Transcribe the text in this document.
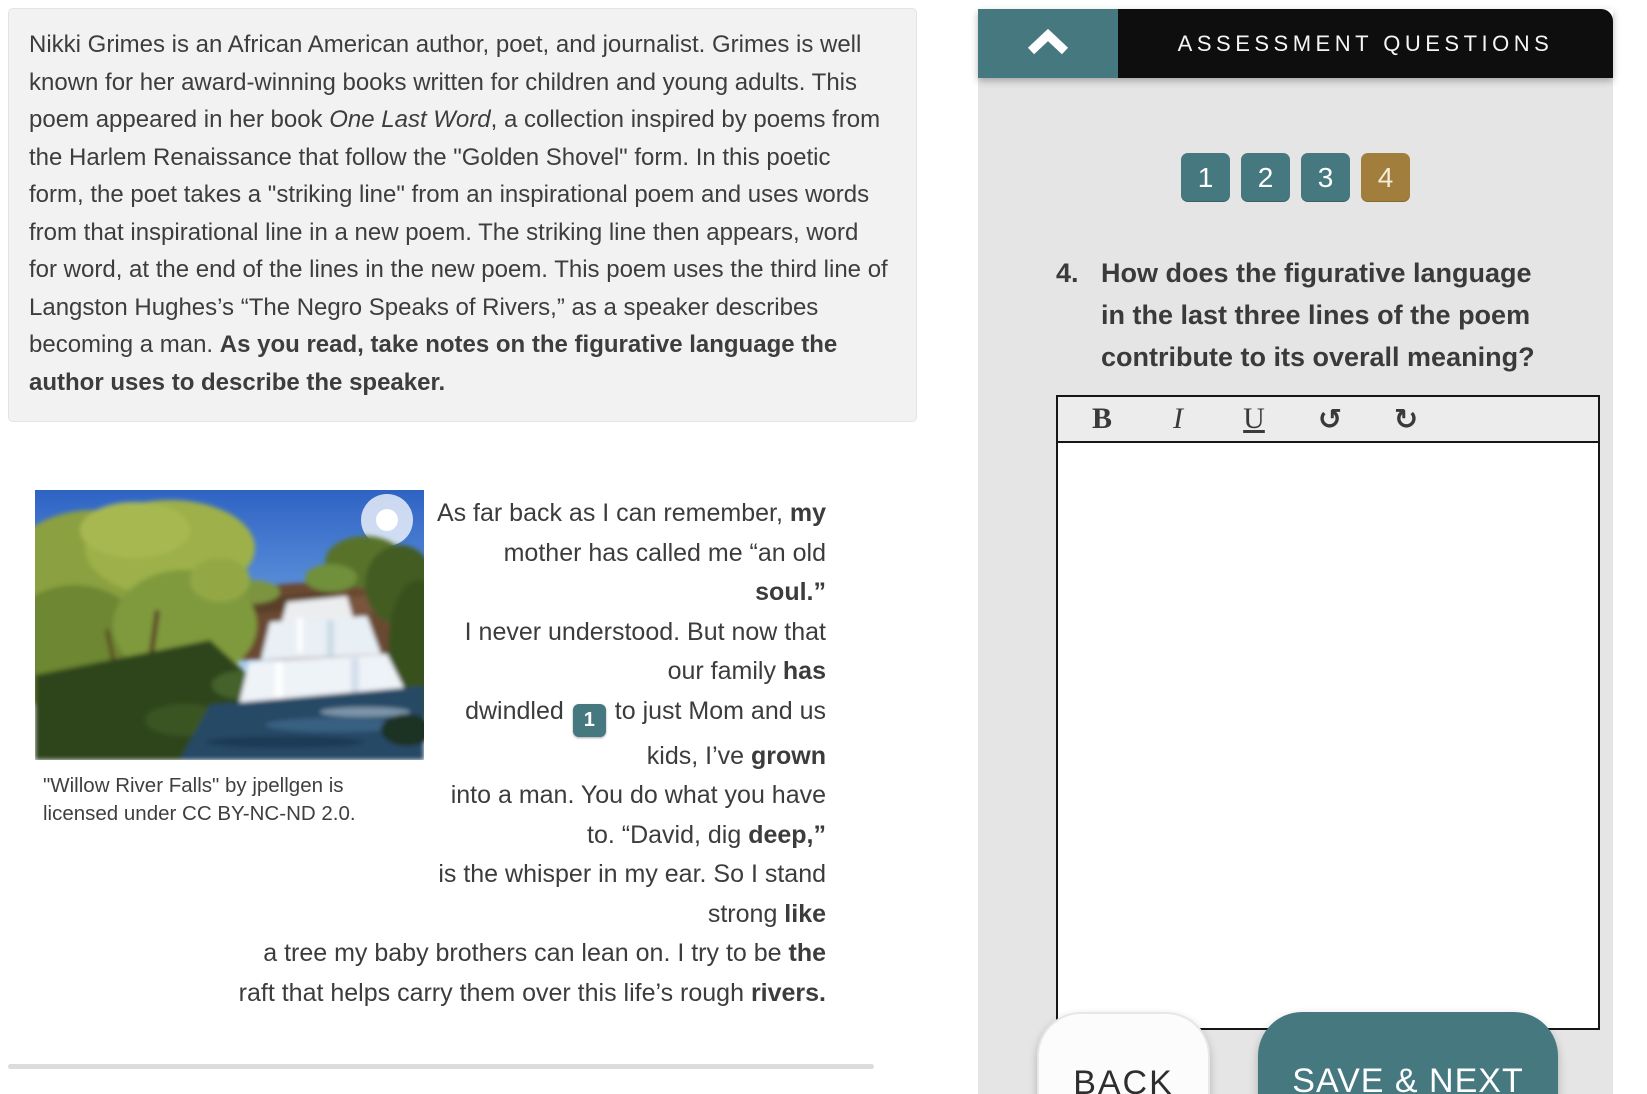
Nikki Grimes is an African American author, poet, and journalist. Grimes is well known for her award-winning books written for children and young adults. This poem appeared in her book One Last Word, a collection inspired by poems from the Harlem Renaissance that follow the "Golden Shovel" form. In this poetic form, the poet takes a "striking line" from an inspirational poem and uses words from that inspirational line in a new poem. The striking line then appears, word for word, at the end of the lines in the new poem. This poem uses the third line of Langston Hughes’s “The Negro Speaks of Rivers,” as a speaker describes becoming a man. As you read, take notes on the figurative language the author uses to describe the speaker.
"Willow River Falls" by jpellgen is
licensed under CC BY-NC-ND 2.0.
As far back as I can remember, my
mother has called me “an old
soul.”
I never understood. But now that
our family has
dwindled 1 to just Mom and us
kids, I’ve grown
into a man. You do what you have
to. “David, dig deep,”
is the whisper in my ear. So I stand
strong like
a tree my baby brothers can lean on. I try to be the
raft that helps carry them over this life’s rough rivers.
ASSESSMENT QUESTIONS
1	2	3	4
4. How does the figurative language in the last three lines of the poem contribute to its overall meaning?
B	I	U	↺	↻
BACK	SAVE & NEXT
